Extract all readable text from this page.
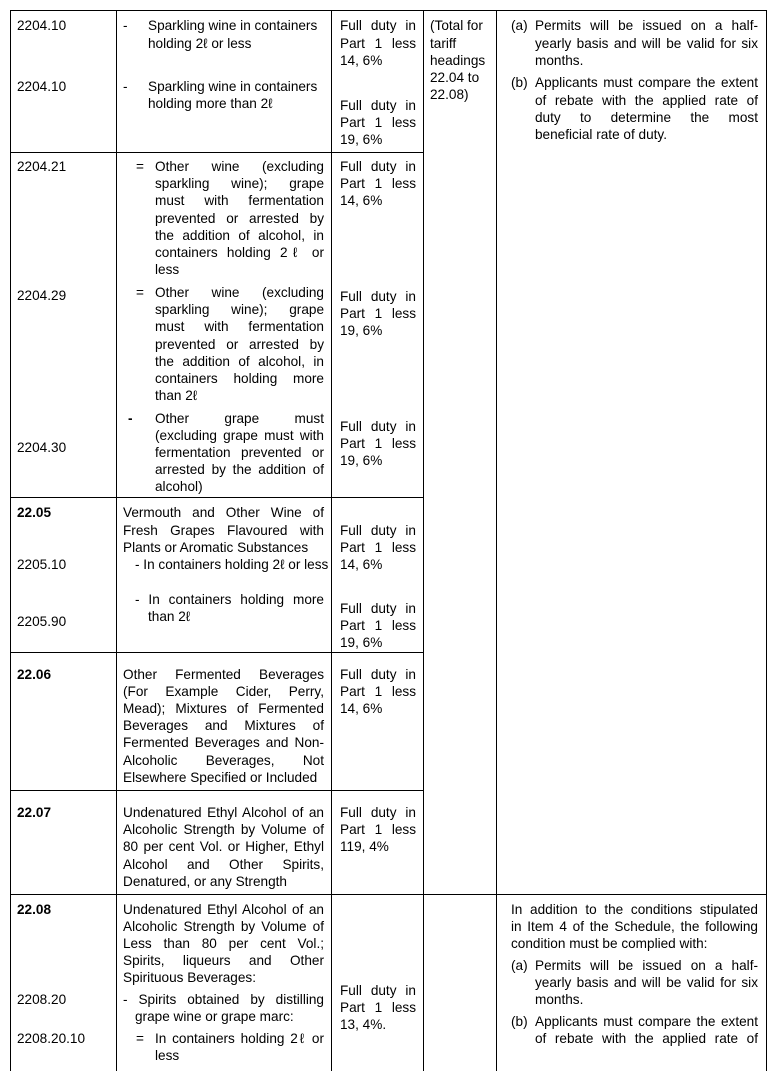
2204.10
2204.10
-
-
Sparkling wine in containers
holding 2ℓ or less
Sparkling wine in containers
holding more than 2ℓ
Full duty in
Part 1 less
14, 6%
Full duty in
Part 1 less
19, 6%
(Total for
tariff
headings
22.04 to
22.08)
(a) Permits will be issued on a half-
yearly basis and will be valid for six
months.
(b) Applicants must compare the extent
of rebate with the applied rate of
duty to determine the most
beneficial rate of duty.
2204.21
2204.29
2204.30
=
=
-
Other wine (excluding
sparkling wine); grape
must with fermentation
prevented or arrested by
the addition of alcohol, in
containers holding 2ℓ or
less
Other wine (excluding
sparkling wine); grape
must with fermentation
prevented or arrested by
the addition of alcohol, in
containers holding more
than 2ℓ
Other grape must
(excluding grape must with
fermentation prevented or
arrested by the addition of
alcohol)
Full duty in
Part 1 less
14, 6%
Full duty in
Part 1 less
19, 6%
Full duty in
Part 1 less
19, 6%
22.05
2205.10
2205.90
Vermouth and Other Wine of
Fresh Grapes Flavoured with
Plants or Aromatic Substances
- In containers holding 2ℓ or less
- In containers holding more
than 2ℓ
Full duty in
Part 1 less
14, 6%
Full duty in
Part 1 less
19, 6%
22.06	Other Fermented Beverages
(For Example Cider, Perry,
Mead); Mixtures of Fermented
Beverages and Mixtures of
Fermented Beverages and Non-
Alcoholic Beverages, Not
Elsewhere Specified or Included
Full duty in
Part 1 less
14, 6%
22.07	Undenatured Ethyl Alcohol of an
Alcoholic Strength by Volume of
80 per cent Vol. or Higher, Ethyl
Alcohol and Other Spirits,
Denatured, or any Strength
Full duty in
Part 1 less
119, 4%
22.08
2208.20
2208.20.10
Undenatured Ethyl Alcohol of an
Alcoholic Strength by Volume of
Less than 80 per cent Vol.;
Spirits, liqueurs and Other
Spirituous Beverages:
- Spirits obtained by distilling
grape wine or grape marc:
= In containers holding 2ℓ or
less
Full duty in
Part 1 less
13, 4%.
In addition to the conditions stipulated
in Item 4 of the Schedule, the following
condition must be complied with:
(a) Permits will be issued on a half-
yearly basis and will be valid for six
months.
(b) Applicants must compare the extent
of rebate with the applied rate of
